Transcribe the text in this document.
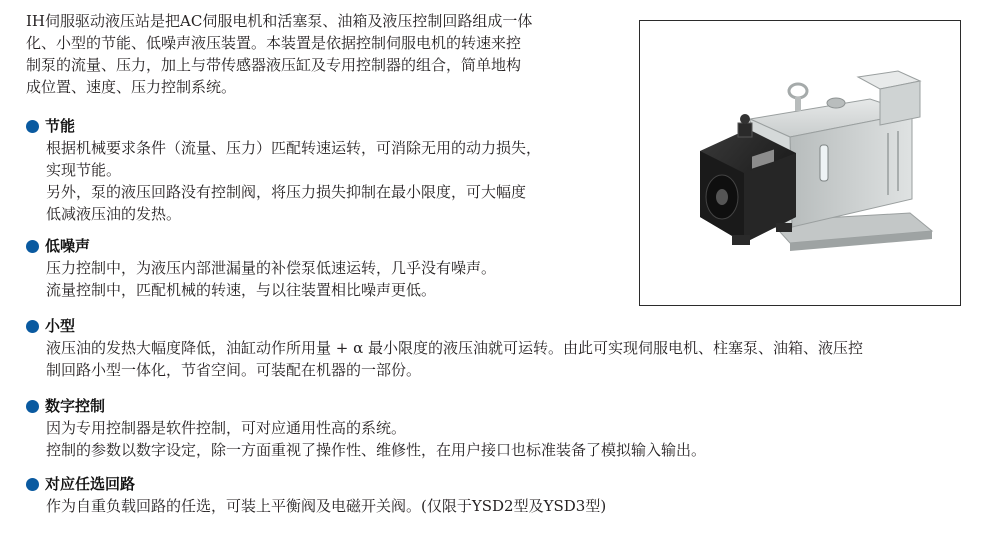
IH伺服驱动液压站是把AC伺服电机和活塞泵、油箱及液压控制回路组成一体

化、小型的节能、低噪声液压装置。本装置是依据控制伺服电机的转速来控

制泵的流量、压力，加上与带传感器液压缸及专用控制器的组合，简单地构

成位置、速度、压力控制系统。

节能

根据机械要求条件（流量、压力）匹配转速运转，可消除无用的动力损失，

实现节能。

另外，泵的液压回路没有控制阀，将压力损失抑制在最小限度，可大幅度

低减液压油的发热。

低噪声

压力控制中，为液压内部泄漏量的补偿泵低速运转，几乎没有噪声。

流量控制中，匹配机械的转速，与以往装置相比噪声更低。

小型

液压油的发热大幅度降低，油缸动作所用量 + α 最小限度的液压油就可运转。由此可实现伺服电机、柱塞泵、油箱、液压控

制回路小型一体化，节省空间。可装配在机器的一部份。

数字控制

因为专用控制器是软件控制，可对应通用性高的系统。

控制的参数以数字设定，除一方面重视了操作性、维修性，在用户接口也标准装备了模拟输入输出。

对应任选回路

作为自重负载回路的任选，可装上平衡阀及电磁开关阀。(仅限于YSD2型及YSD3型)
